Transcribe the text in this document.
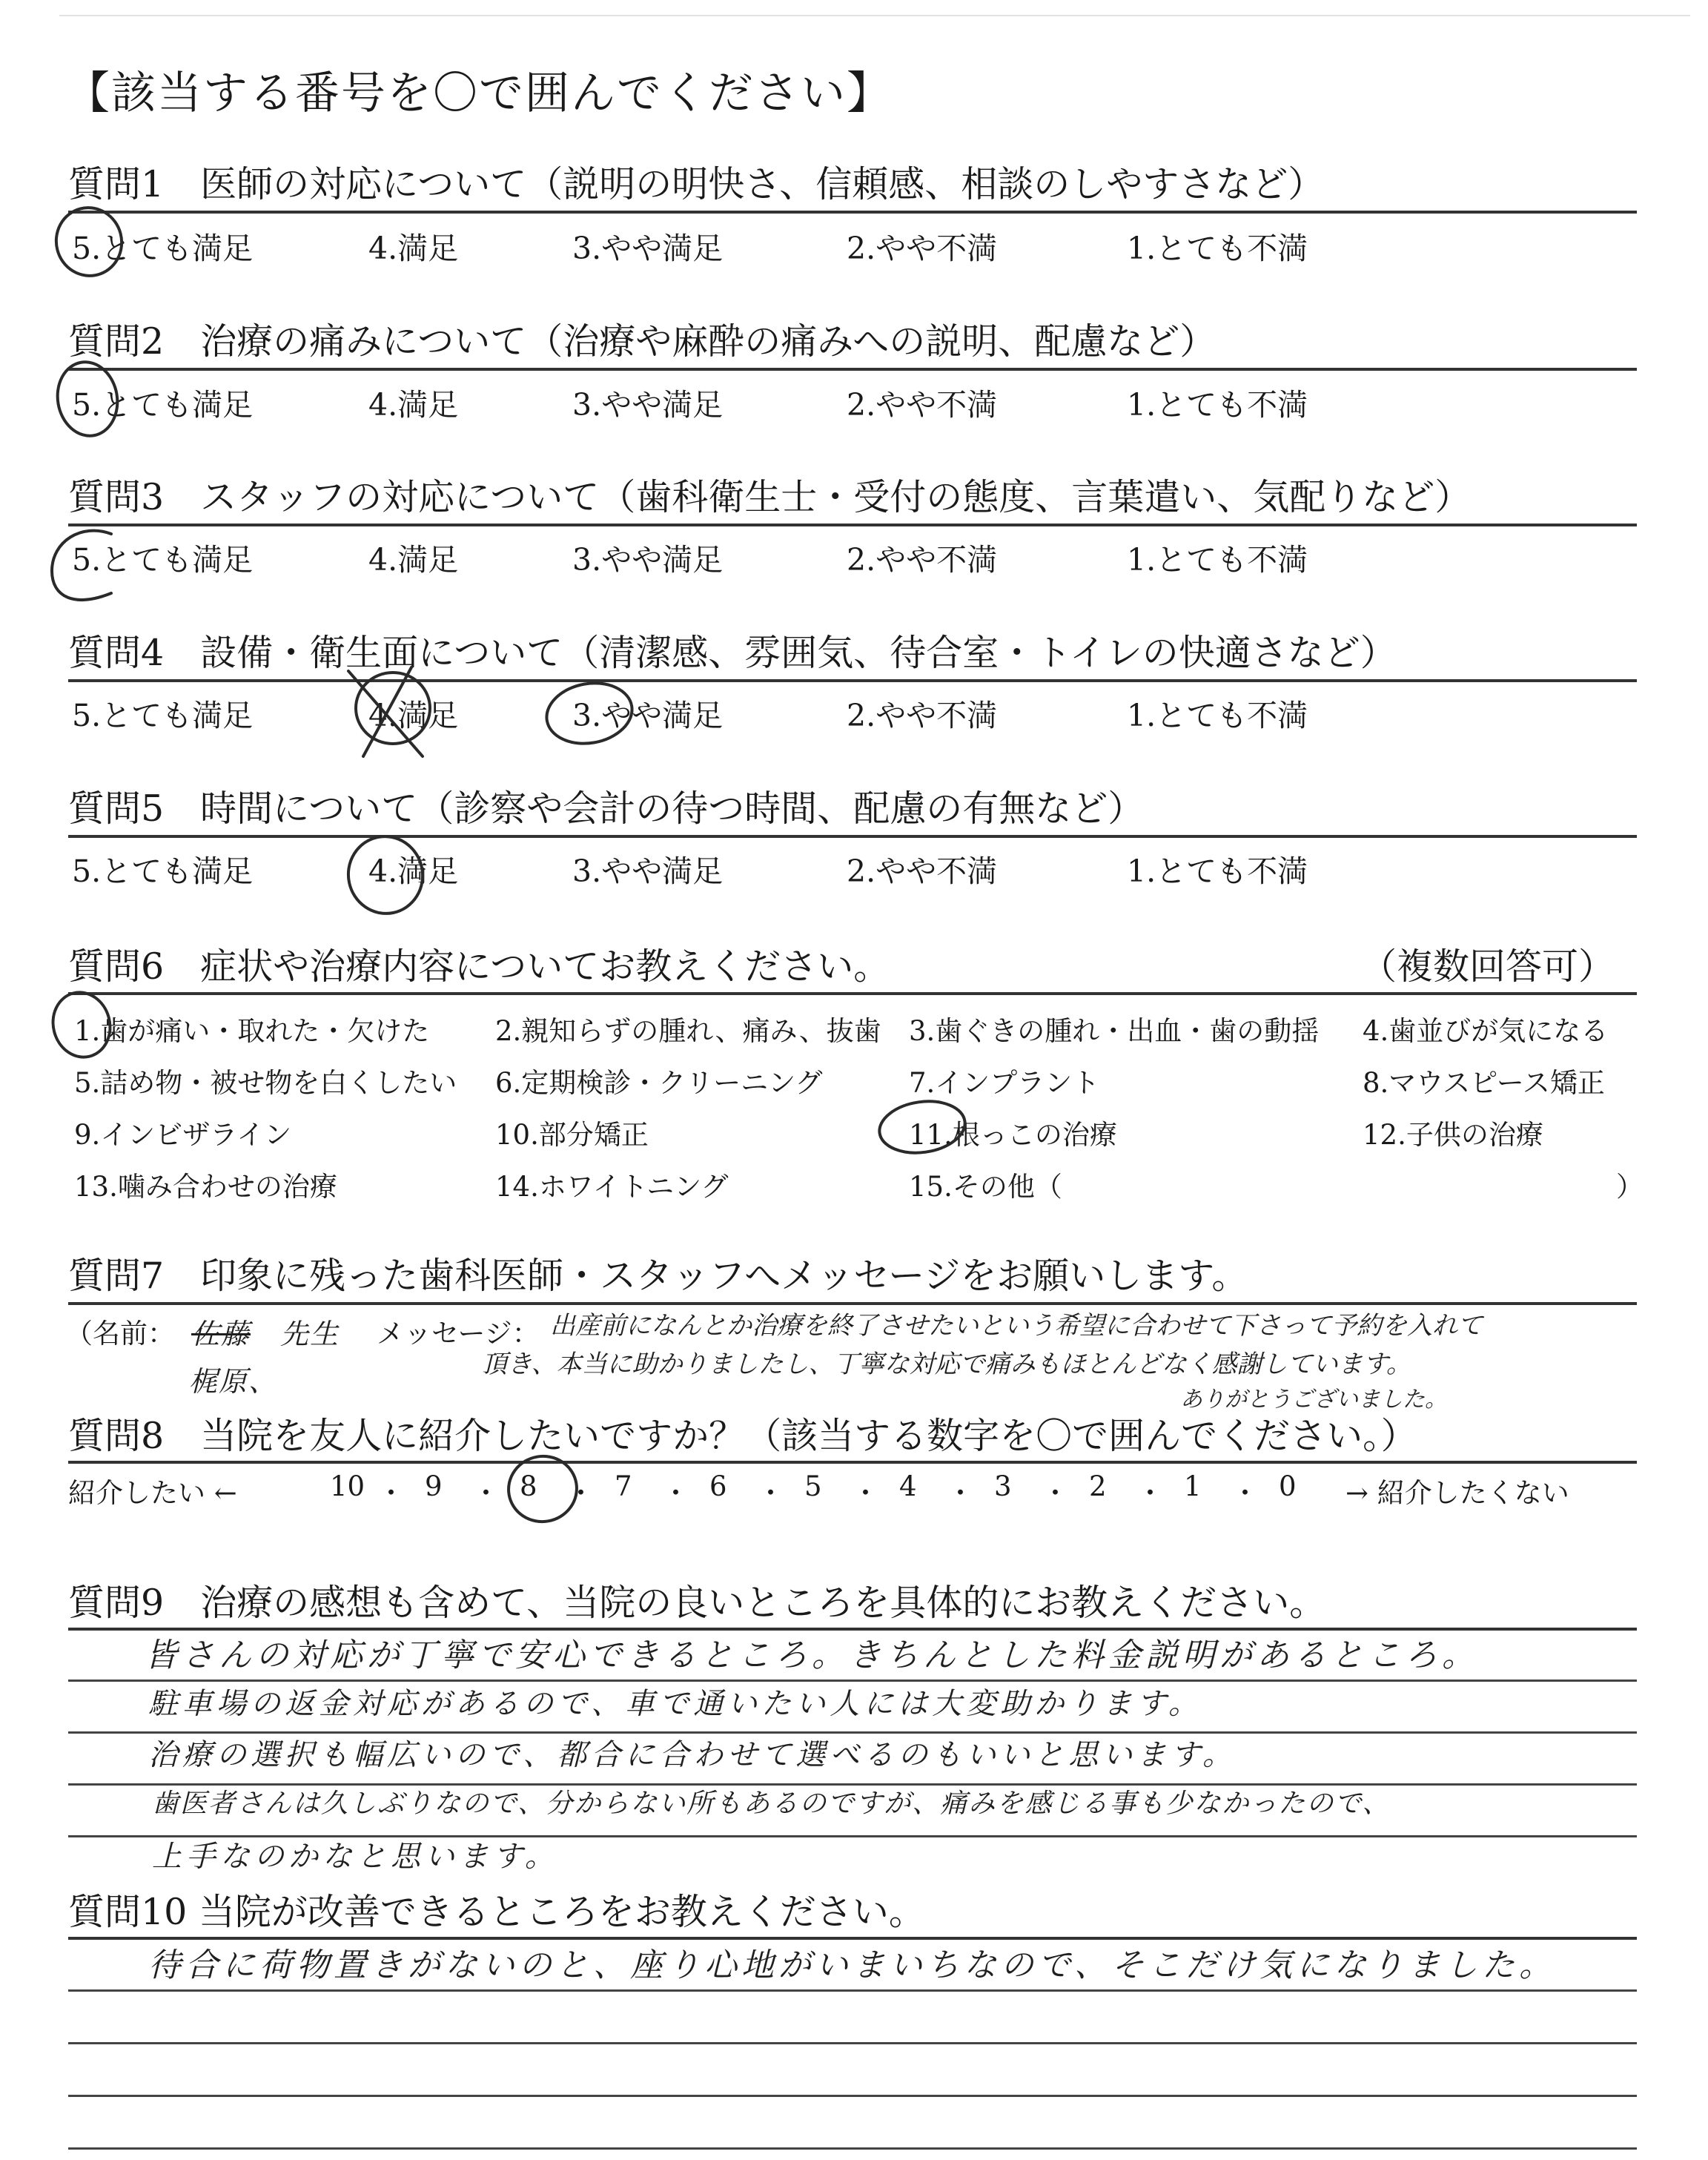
【該当する番号を〇で囲んでください】
質問1　医師の対応について（説明の明快さ、信頼感、相談のしやすさなど）
5.とても満足	4.満足	3.やや満足	2.やや不満	1.とても不満
質問2　治療の痛みについて（治療や麻酔の痛みへの説明、配慮など）
5.とても満足	4.満足	3.やや満足	2.やや不満	1.とても不満
質問3　スタッフの対応について（歯科衛生士・受付の態度、言葉遣い、気配りなど）
5.とても満足	4.満足	3.やや満足	2.やや不満	1.とても不満
質問4　設備・衛生面について（清潔感、雰囲気、待合室・トイレの快適さなど）
5.とても満足	4.満足	3.やや満足	2.やや不満	1.とても不満
質問5　時間について（診察や会計の待つ時間、配慮の有無など）
5.とても満足	4.満足	3.やや満足	2.やや不満	1.とても不満
質問6　症状や治療内容についてお教えください。	（複数回答可）
1.歯が痛い・取れた・欠けた 2.親知らずの腫れ、痛み、抜歯 3.歯ぐきの腫れ・出血・歯の動揺 4.歯並びが気になる
5.詰め物・被せ物を白くしたい 6.定期検診・クリーニング	7.インプラント	8.マウスピース矯正
9.インビザライン	10.部分矯正	11.根っこの治療	12.子供の治療
13.噛み合わせの治療	14.ホワイトニング	15.その他（	）
質問7　印象に残った歯科医師・スタッフへメッセージをお願いします。
（名前： 佐藤 先生
梶原、
メッセージ： 出産前になんとか治療を終了させたいという希望に合わせて下さって予約を入れて
頂き、本当に助かりましたし、丁寧な対応で痛みもほとんどなく感謝しています。
ありがとうございました。
質問8　当院を友人に紹介したいですか？（該当する数字を〇で囲んでください。）
紹介したい ←	→ 紹介したくない
10 ・ 9 ・ 8 ・ 7 ・ 6 ・ 5 ・ 4 ・ 3 ・ 2 ・ 1 ・ 0
質問9　治療の感想も含めて、当院の良いところを具体的にお教えください。
皆さんの対応が丁寧で安心できるところ。きちんとした料金説明があるところ。
駐車場の返金対応があるので、車で通いたい人には大変助かります。
治療の選択も幅広いので、都合に合わせて選べるのもいいと思います。
歯医者さんは久しぶりなので、分からない所もあるのですが、痛みを感じる事も少なかったので、
上手なのかなと思います。
質問10 当院が改善できるところをお教えください。
待合に荷物置きがないのと、座り心地がいまいちなので、そこだけ気になりました。
